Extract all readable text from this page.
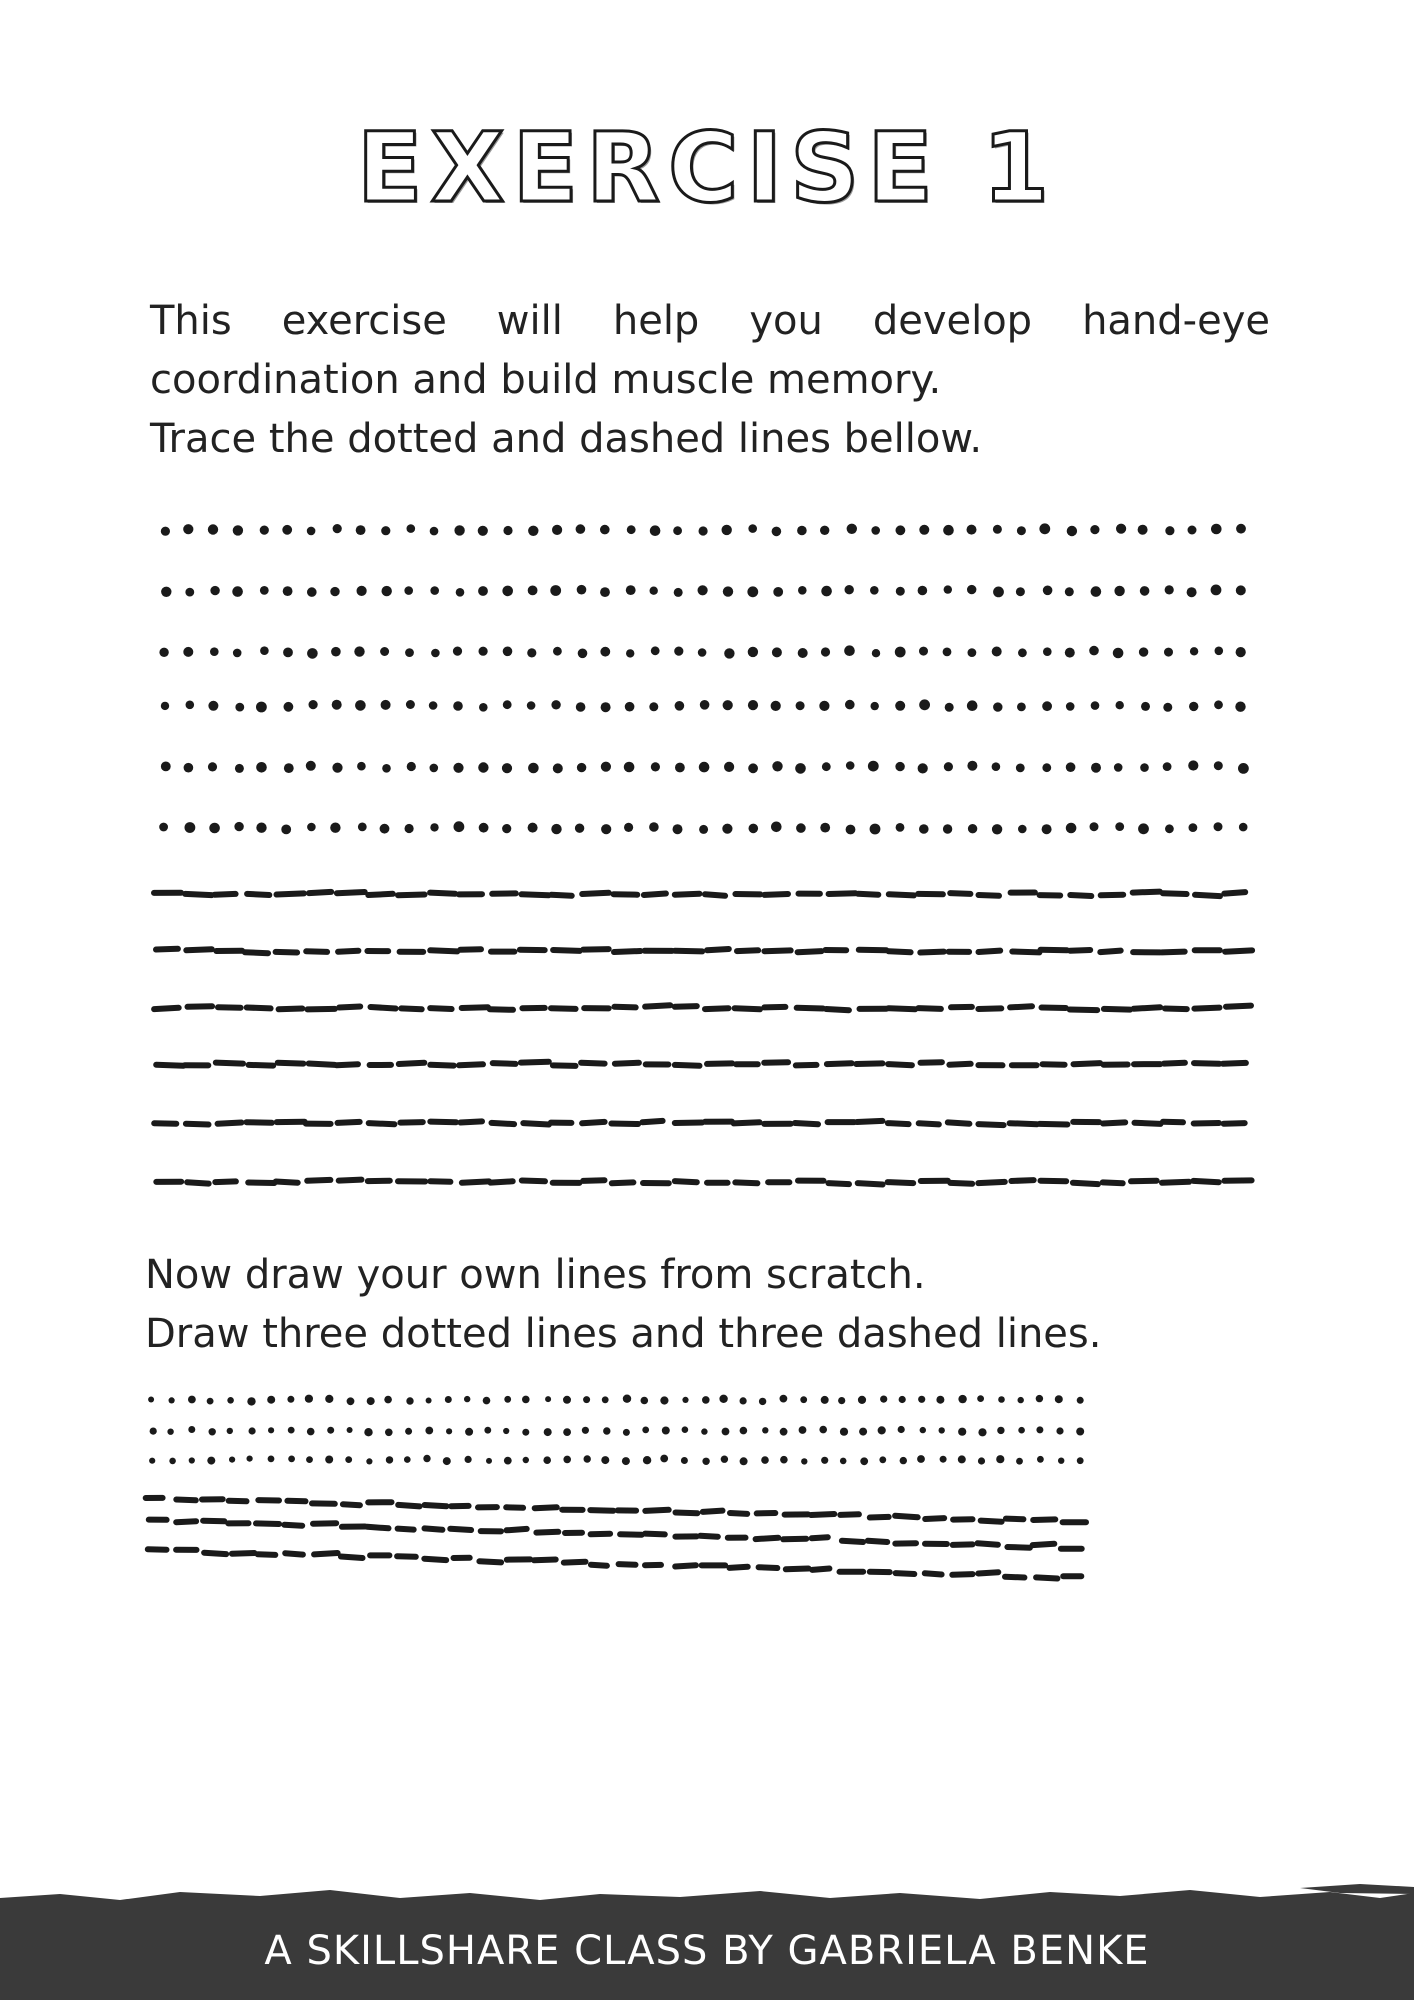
EXERCISE 1
This exercise will help you develop hand-eye coordination and build muscle memory.
Trace the dotted and dashed lines bellow.
Now draw your own lines from scratch.
Draw three dotted lines and three dashed lines.
A SKILLSHARE CLASS BY GABRIELA BENKE
